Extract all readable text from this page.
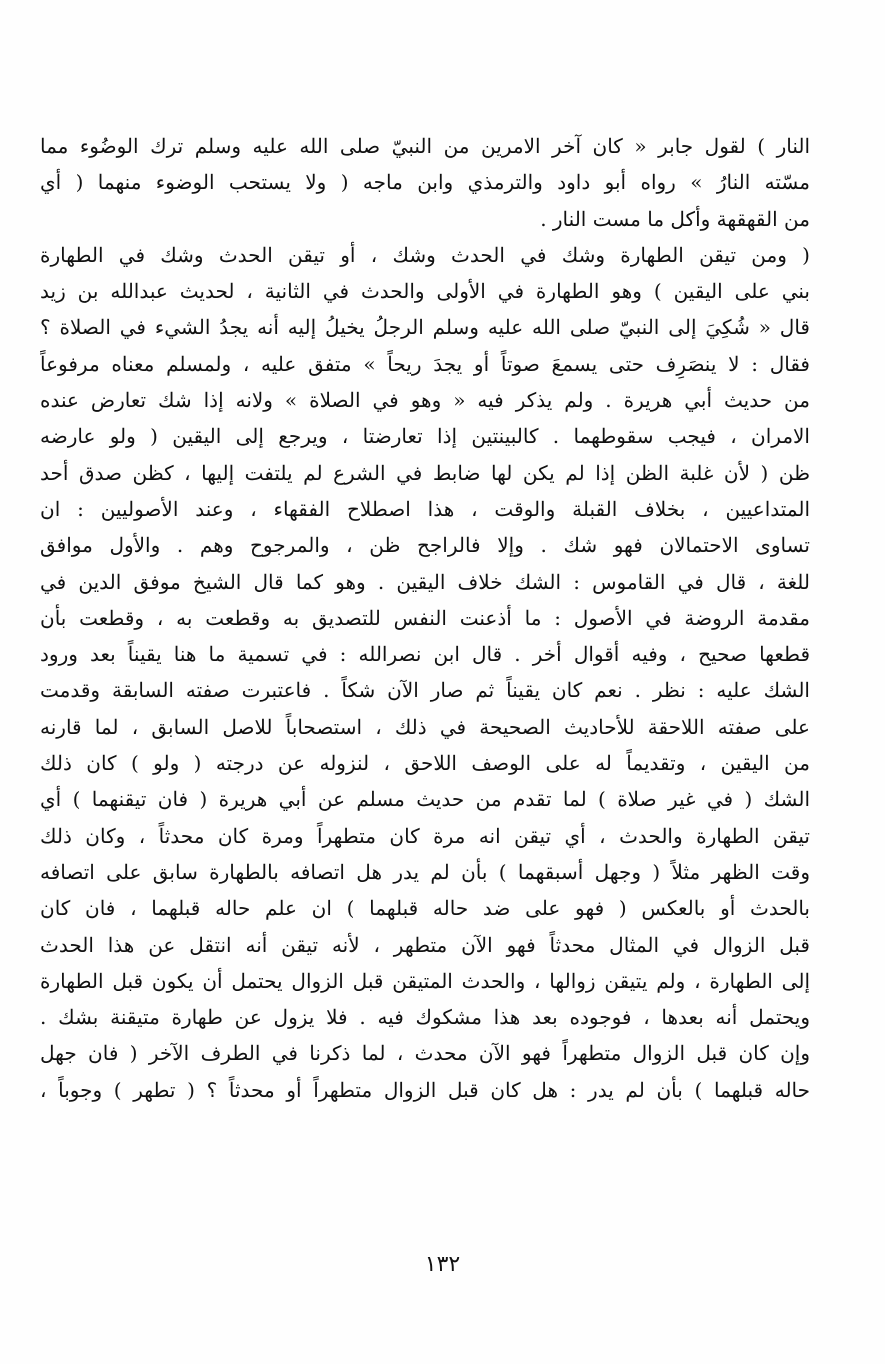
النار ) لقول جابر « كان آخر الامرين من النبيّ صلى الله عليه وسلم ترك الوضُوء مما
مسّته النارُ » رواه أبو داود والترمذي وابن ماجه ( ولا يستحب الوضوء منهما ( أي
من القهقهة وأكل ما مست النار .
( ومن تيقن الطهارة وشك في الحدث وشك ، أو تيقن الحدث وشك في الطهارة
بني على اليقين ) وهو الطهارة في الأولى والحدث في الثانية ، لحديث عبدالله بن زيد
قال « شُكِيَ إلى النبيّ صلى الله عليه وسلم الرجلُ يخيلُ إليه أنه يجدُ الشيء في الصلاة ؟
فقال : لا ينصَرِف حتى يسمعَ صوتاً أو يجدَ ريحاً » متفق عليه ، ولمسلم معناه مرفوعاً
من حديث أبي هريرة . ولم يذكر فيه « وهو في الصلاة » ولانه إذا شك تعارض عنده
الامران ، فيجب سقوطهما . كالبينتين إذا تعارضتا ، ويرجع إلى اليقين ( ولو عارضه
ظن ( لأن غلبة الظن إذا لم يكن لها ضابط في الشرع لم يلتفت إليها ، كظن صدق أحد
المتداعيين ، بخلاف القبلة والوقت ، هذا اصطلاح الفقهاء ، وعند الأصوليين : ان
تساوى الاحتمالان فهو شك . وإلا فالراجح ظن ، والمرجوح وهم . والأول موافق
للغة ، قال في القاموس : الشك خلاف اليقين . وهو كما قال الشيخ موفق الدين في
مقدمة الروضة في الأصول : ما أذعنت النفس للتصديق به وقطعت به ، وقطعت بأن
قطعها صحيح ، وفيه أقوال أخر . قال ابن نصرالله : في تسمية ما هنا يقيناً بعد ورود
الشك عليه : نظر . نعم كان يقيناً ثم صار الآن شكاً . فاعتبرت صفته السابقة وقدمت
على صفته اللاحقة للأحاديث الصحيحة في ذلك ، استصحاباً للاصل السابق ، لما قارنه
من اليقين ، وتقديماً له على الوصف اللاحق ، لنزوله عن درجته ( ولو ) كان ذلك
الشك ( في غير صلاة ) لما تقدم من حديث مسلم عن أبي هريرة ( فان تيقنهما ) أي
تيقن الطهارة والحدث ، أي تيقن انه مرة كان متطهراً ومرة كان محدثاً ، وكان ذلك
وقت الظهر مثلاً ( وجهل أسبقهما ) بأن لم يدر هل اتصافه بالطهارة سابق على اتصافه
بالحدث أو بالعكس ( فهو على ضد حاله قبلهما ) ان علم حاله قبلهما ، فان كان
قبل الزوال في المثال محدثاً فهو الآن متطهر ، لأنه تيقن أنه انتقل عن هذا الحدث
إلى الطهارة ، ولم يتيقن زوالها ، والحدث المتيقن قبل الزوال يحتمل أن يكون قبل الطهارة
ويحتمل أنه بعدها ، فوجوده بعد هذا مشكوك فيه . فلا يزول عن طهارة متيقنة بشك .
وإن كان قبل الزوال متطهراً فهو الآن محدث ، لما ذكرنا في الطرف الآخر ( فان جهل
حاله قبلهما ) بأن لم يدر : هل كان قبل الزوال متطهراً أو محدثاً ؟ ( تطهر ) وجوباً ،
١٣٢
